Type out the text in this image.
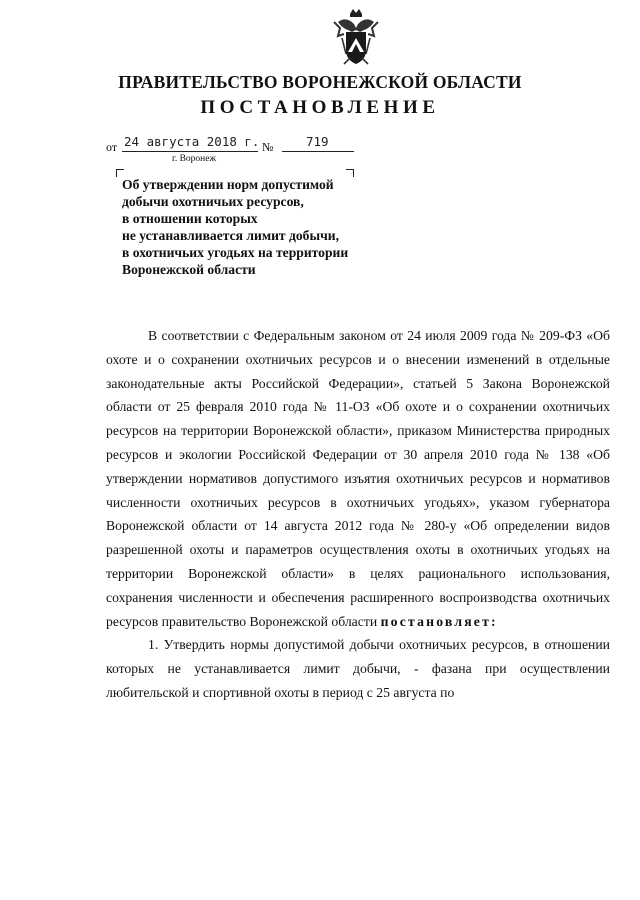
ПРАВИТЕЛЬСТВО ВОРОНЕЖСКОЙ ОБЛАСТИ
ПОСТАНОВЛЕНИЕ
от 24 августа 2018 г. №	719
г. Воронеж
Об утверждении норм допустимой
добычи охотничьих ресурсов,
в отношении которых
не устанавливается лимит добычи,
в охотничьих угодьях на территории
Воронежской области

В соответствии с Федеральным законом от 24 июля 2009 года № 209-ФЗ «Об охоте и о сохранении охотничьих ресурсов и о внесении изменений в отдельные законодательные акты Российской Федерации», статьей 5 Закона Воронежской области от 25 февраля 2010 года № 11-ОЗ «Об охоте и о сохранении охотничьих ресурсов на территории Воронежской области», приказом Министерства природных ресурсов и экологии Российской Федерации от 30 апреля 2010 года № 138 «Об утверждении нормативов допустимого изъятия охотничьих ресурсов и нормативов численности охотничьих ресурсов в охотничьих угодьях», указом губернатора Воронежской области от 14 августа 2012 года № 280-у «Об определении видов разрешенной охоты и параметров осуществления охоты в охотничьих угодьях на территории Воронежской области» в целях рационального использования, сохранения численности и обеспечения расширенного воспроизводства охотничьих ресурсов правительство Воронежской области постановляет:

1. Утвердить нормы допустимой добычи охотничьих ресурсов, в отношении которых не устанавливается лимит добычи, - фазана при осуществлении любительской и спортивной охоты в период с 25 августа по
